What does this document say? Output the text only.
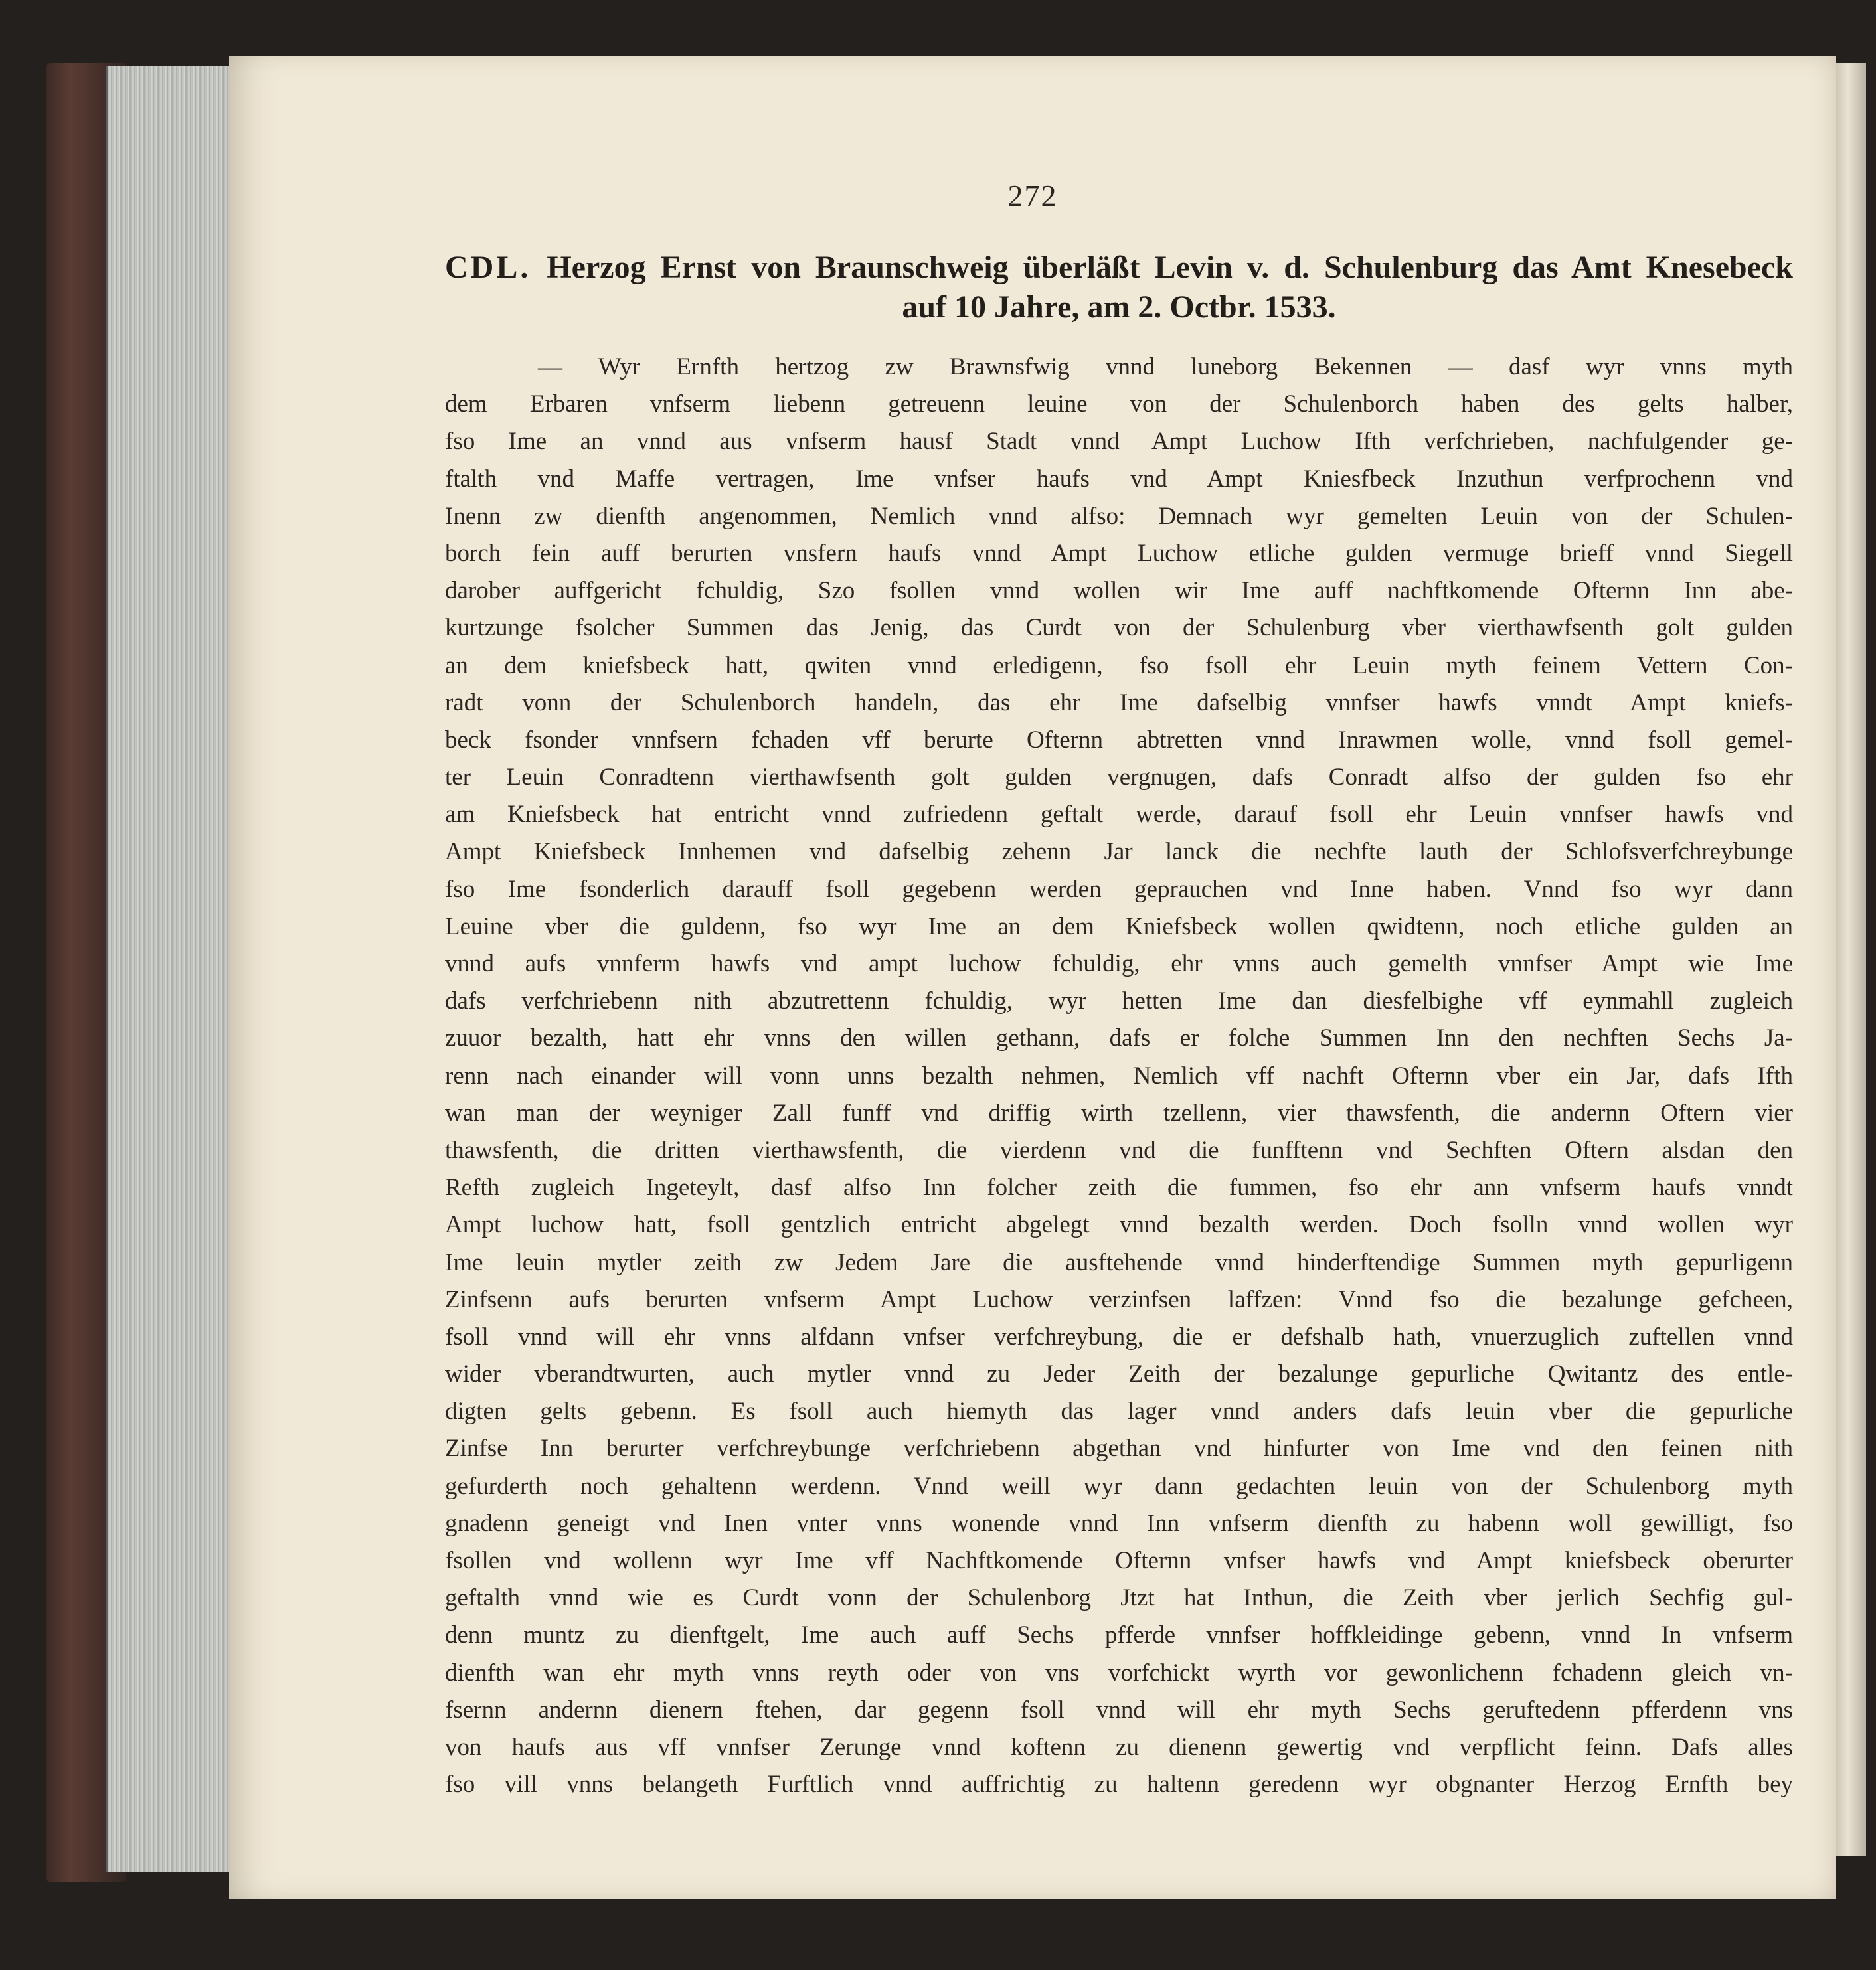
272
CDL. Herzog Ernst von Braunschweig überläßt Levin v. d. Schulenburg das Amt Knesebeck
auf 10 Jahre, am 2. Octbr. 1533.
— Wyr Ernfth hertzog zw Brawnsfwig vnnd luneborg Bekennen — dasf wyr vnns myth
dem Erbaren vnfserm liebenn getreuenn leuine von der Schulenborch haben des gelts halber,
fso Ime an vnnd aus vnfserm hausf Stadt vnnd Ampt Luchow Ifth verfchrieben, nachfulgender ge-
ftalth vnd Maffe vertragen, Ime vnfser haufs vnd Ampt Kniesfbeck Inzuthun verfprochenn vnd
Inenn zw dienfth angenommen, Nemlich vnnd alfso: Demnach wyr gemelten Leuin von der Schulen-
borch fein auff berurten vnsfern haufs vnnd Ampt Luchow etliche gulden vermuge brieff vnnd Siegell
darober auffgericht fchuldig, Szo fsollen vnnd wollen wir Ime auff nachftkomende Ofternn Inn abe-
kurtzunge fsolcher Summen das Jenig, das Curdt von der Schulenburg vber vierthawfsenth golt gulden
an dem kniefsbeck hatt, qwiten vnnd erledigenn, fso fsoll ehr Leuin myth feinem Vettern Con-
radt vonn der Schulenborch handeln, das ehr Ime dafselbig vnnfser hawfs vnndt Ampt kniefs-
beck fsonder vnnfsern fchaden vff berurte Ofternn abtretten vnnd Inrawmen wolle, vnnd fsoll gemel-
ter Leuin Conradtenn vierthawfsenth golt gulden vergnugen, dafs Conradt alfso der gulden fso ehr
am Kniefsbeck hat entricht vnnd zufriedenn geftalt werde, darauf fsoll ehr Leuin vnnfser hawfs vnd
Ampt Kniefsbeck Innhemen vnd dafselbig zehenn Jar lanck die nechfte lauth der Schlofsverfchreybunge
fso Ime fsonderlich darauff fsoll gegebenn werden geprauchen vnd Inne haben. Vnnd fso wyr dann
Leuine vber die guldenn, fso wyr Ime an dem Kniefsbeck wollen qwidtenn, noch etliche gulden an
vnnd aufs vnnferm hawfs vnd ampt luchow fchuldig, ehr vnns auch gemelth vnnfser Ampt wie Ime
dafs verfchriebenn nith abzutrettenn fchuldig, wyr hetten Ime dan diesfelbighe vff eynmahll zugleich
zuuor bezalth, hatt ehr vnns den willen gethann, dafs er folche Summen Inn den nechften Sechs Ja-
renn nach einander will vonn unns bezalth nehmen, Nemlich vff nachft Ofternn vber ein Jar, dafs Ifth
wan man der weyniger Zall funff vnd driffig wirth tzellenn, vier thawsfenth, die andernn Oftern vier
thawsfenth, die dritten vierthawsfenth, die vierdenn vnd die funfftenn vnd Sechften Oftern alsdan den
Refth zugleich Ingeteylt, dasf alfso Inn folcher zeith die fummen, fso ehr ann vnfserm haufs vnndt
Ampt luchow hatt, fsoll gentzlich entricht abgelegt vnnd bezalth werden. Doch fsolln vnnd wollen wyr
Ime leuin mytler zeith zw Jedem Jare die ausftehende vnnd hinderftendige Summen myth gepurligenn
Zinfsenn aufs berurten vnfserm Ampt Luchow verzinfsen laffzen: Vnnd fso die bezalunge gefcheen,
fsoll vnnd will ehr vnns alfdann vnfser verfchreybung, die er defshalb hath, vnuerzuglich zuftellen vnnd
wider vberandtwurten, auch mytler vnnd zu Jeder Zeith der bezalunge gepurliche Qwitantz des entle-
digten gelts gebenn. Es fsoll auch hiemyth das lager vnnd anders dafs leuin vber die gepurliche
Zinfse Inn berurter verfchreybunge verfchriebenn abgethan vnd hinfurter von Ime vnd den feinen nith
gefurderth noch gehaltenn werdenn. Vnnd weill wyr dann gedachten leuin von der Schulenborg myth
gnadenn geneigt vnd Inen vnter vnns wonende vnnd Inn vnfserm dienfth zu habenn woll gewilligt, fso
fsollen vnd wollenn wyr Ime vff Nachftkomende Ofternn vnfser hawfs vnd Ampt kniefsbeck oberurter
geftalth vnnd wie es Curdt vonn der Schulenborg Jtzt hat Inthun, die Zeith vber jerlich Sechfig gul-
denn muntz zu dienftgelt, Ime auch auff Sechs pfferde vnnfser hoffkleidinge gebenn, vnnd In vnfserm
dienfth wan ehr myth vnns reyth oder von vns vorfchickt wyrth vor gewonlichenn fchadenn gleich vn-
fsernn andernn dienern ftehen, dar gegenn fsoll vnnd will ehr myth Sechs geruftedenn pfferdenn vns
von haufs aus vff vnnfser Zerunge vnnd koftenn zu dienenn gewertig vnd verpflicht feinn. Dafs alles
fso vill vnns belangeth Furftlich vnnd auffrichtig zu haltenn geredenn wyr obgnanter Herzog Ernfth bey
